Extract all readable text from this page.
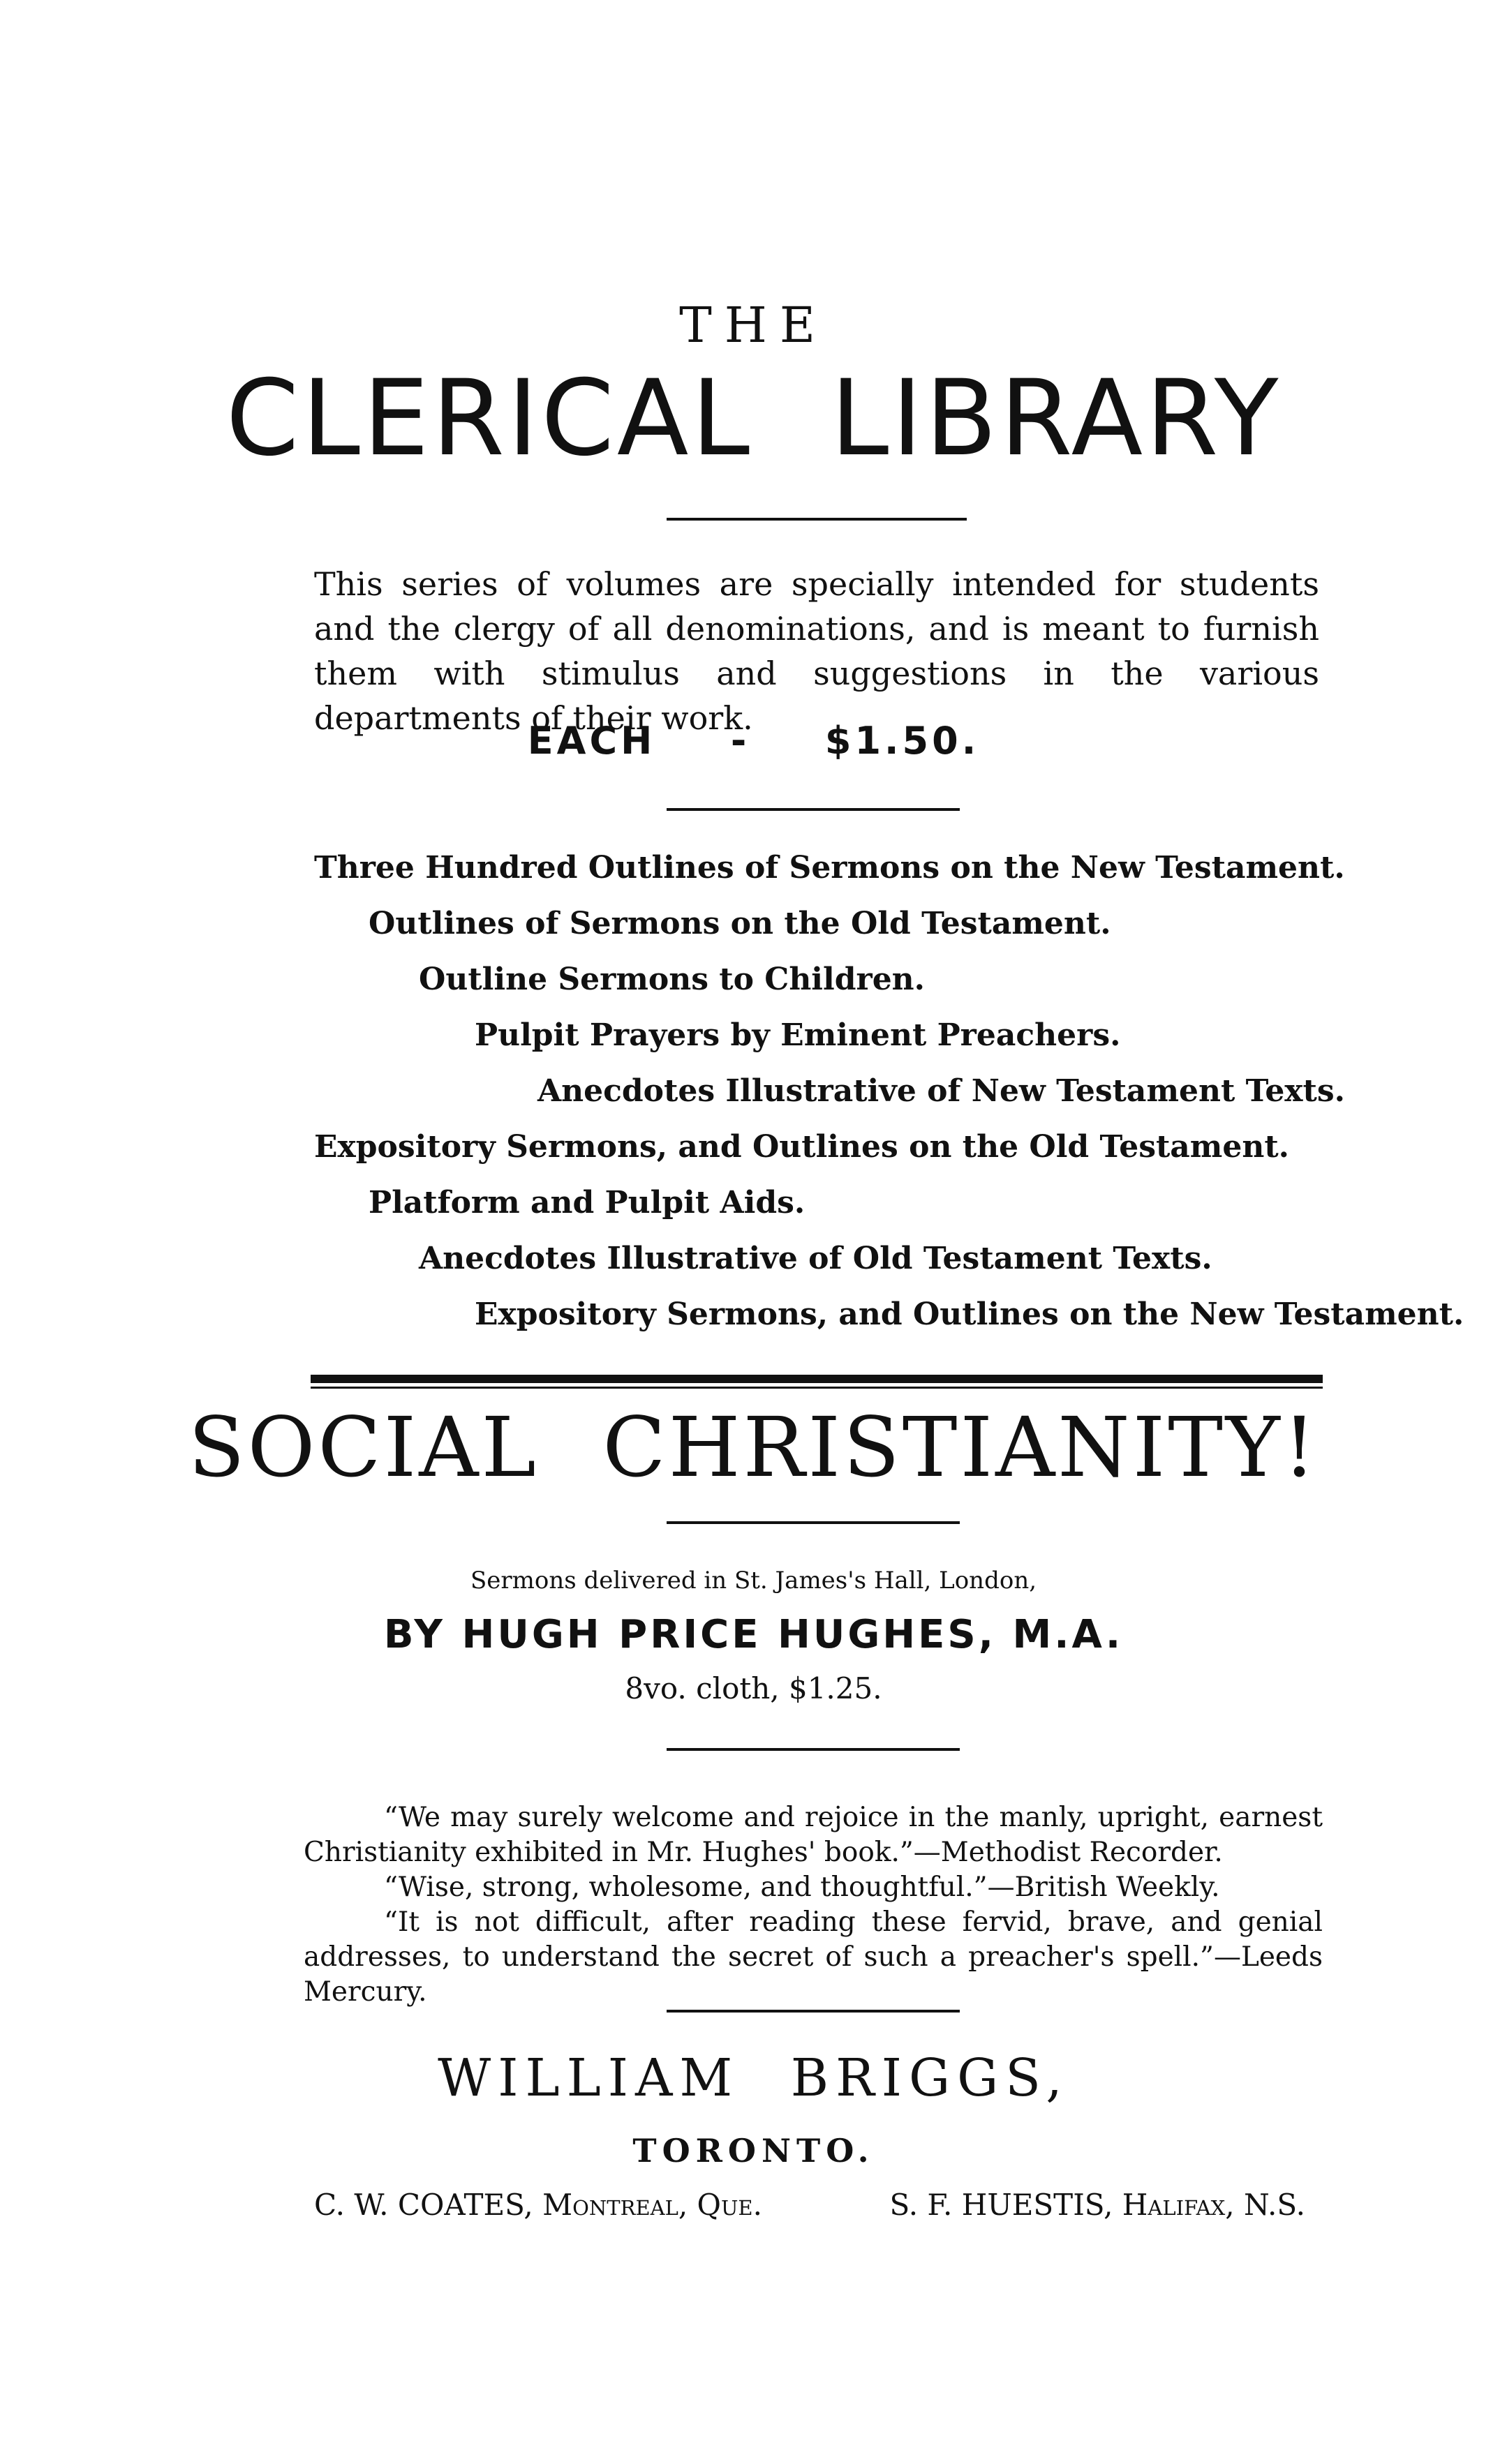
THE
CLERICAL LIBRARY
This series of volumes are specially intended for students and the clergy of all denominations, and is meant to furnish them with stimulus and suggestions in the various departments of their work.
EACH  -  $1.50.
Three Hundred Outlines of Sermons on the New Testament.
Outlines of Sermons on the Old Testament.
Outline Sermons to Children.
Pulpit Prayers by Eminent Preachers.
Anecdotes Illustrative of New Testament Texts.
Expository Sermons, and Outlines on the Old Testament.
Platform and Pulpit Aids.
Anecdotes Illustrative of Old Testament Texts.
Expository Sermons, and Outlines on the New Testament.
SOCIAL CHRISTIANITY!
Sermons delivered in St. James's Hall, London,
BY HUGH PRICE HUGHES, M.A.
8vo. cloth, $1.25.
“We may surely welcome and rejoice in the manly, upright, earnest Christianity exhibited in Mr. Hughes' book.”—Methodist Recorder.
“Wise, strong, wholesome, and thoughtful.”—British Weekly.
“It is not difficult, after reading these fervid, brave, and genial addresses, to understand the secret of such a preacher's spell.”—Leeds Mercury.
WILLIAM BRIGGS,
TORONTO.
C. W. COATES, Montreal, Que.	S. F. HUESTIS, Halifax, N.S.
